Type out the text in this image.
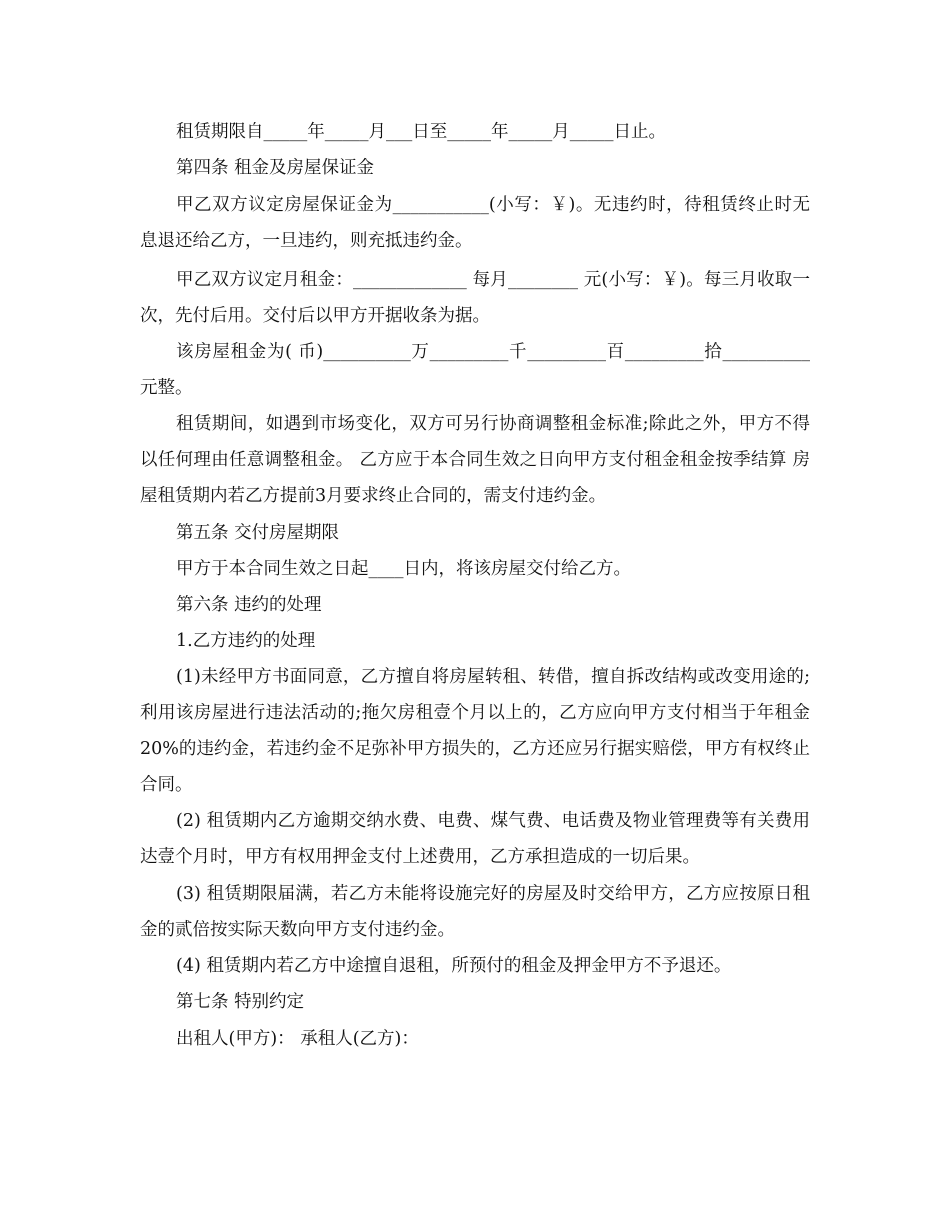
租赁期限自_____年_____月___日至_____年_____月_____日止。

第四条 租金及房屋保证金

甲乙双方议定房屋保证金为___________(小写：￥)。无违约时，待租赁终止时无息退还给乙方，一旦违约，则充抵违约金。

甲乙双方议定月租金：_____________ 每月________ 元(小写：￥)。每三月收取一次，先付后用。交付后以甲方开据收条为据。

该房屋租金为( 币)__________万_________千_________百_________拾__________元整。

租赁期间，如遇到市场变化，双方可另行协商调整租金标准;除此之外，甲方不得以任何理由任意调整租金。 乙方应于本合同生效之日向甲方支付租金租金按季结算 房屋租赁期内若乙方提前3月要求终止合同的，需支付违约金。

第五条 交付房屋期限

甲方于本合同生效之日起____日内，将该房屋交付给乙方。

第六条 违约的处理

1.乙方违约的处理

(1)未经甲方书面同意，乙方擅自将房屋转租、转借，擅自拆改结构或改变用途的;利用该房屋进行违法活动的;拖欠房租壹个月以上的，乙方应向甲方支付相当于年租金20%的违约金，若违约金不足弥补甲方损失的，乙方还应另行据实赔偿，甲方有权终止合同。

(2) 租赁期内乙方逾期交纳水费、电费、煤气费、电话费及物业管理费等有关费用达壹个月时，甲方有权用押金支付上述费用，乙方承担造成的一切后果。

(3) 租赁期限届满，若乙方未能将设施完好的房屋及时交给甲方，乙方应按原日租金的贰倍按实际天数向甲方支付违约金。

(4) 租赁期内若乙方中途擅自退租，所预付的租金及押金甲方不予退还。

第七条 特别约定

出租人(甲方)： 承租人(乙方)：
